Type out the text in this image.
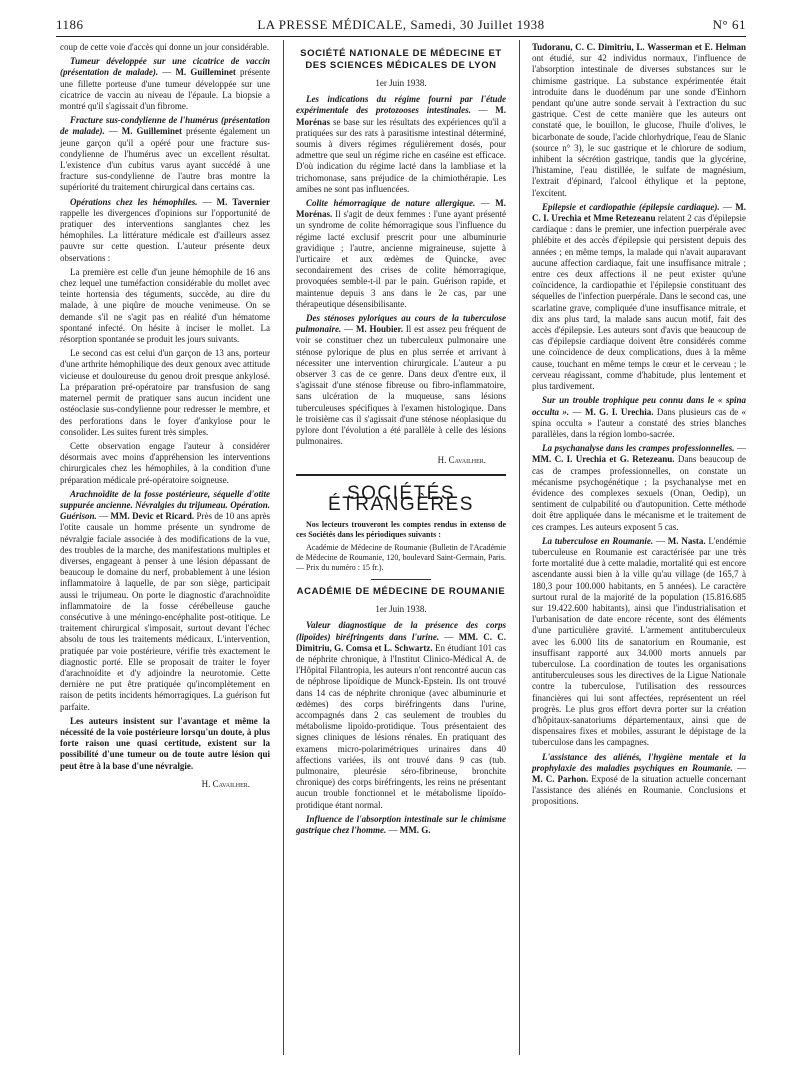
1186	LA PRESSE MÉDICALE, Samedi, 30 Juillet 1938	N° 61

coup de cette voie d'accès qui donne un jour considérable.

Tumeur développée sur une cicatrice de vaccin (présentation de malade). — M. Guilleminet présente une fillette porteuse d'une tumeur développée sur une cicatrice de vaccin au niveau de l'épaule. La biopsie a montré qu'il s'agissait d'un fibrome.

Fracture sus-condylienne de l'humérus (présentation de malade). — M. Guilleminet présente également un jeune garçon qu'il a opéré pour une fracture sus-condylienne de l'humérus avec un excellent résultat. L'existence d'un cubitus varus ayant succédé à une fracture sus-condylienne de l'autre bras montre la supériorité du traitement chirurgical dans certains cas.

Opérations chez les hémophiles. — M. Tavernier rappelle les divergences d'opinions sur l'opportunité de pratiquer des interventions sanglantes chez les hémophiles. La littérature médicale est d'ailleurs assez pauvre sur cette question. L'auteur présente deux observations :

La première est celle d'un jeune hémophile de 16 ans chez lequel une tuméfaction considérable du mollet avec teinte hortensia des téguments, succède, au dire du malade, à une piqûre de mouche venimeuse. On se demande s'il ne s'agit pas en réalité d'un hématome spontané infecté. On hésite à inciser le mollet. La résorption spontanée se produit les jours suivants.

Le second cas est celui d'un garçon de 13 ans, porteur d'une arthrite hémophilique des deux genoux avec attitude vicieuse et douloureuse du genou droit presque ankylosé. La préparation pré-opératoire par transfusion de sang maternel permit de pratiquer sans aucun incident une ostéoclasie sus-condylienne pour redresser le membre, et des perforations dans le foyer d'ankylose pour le consolider. Les suites furent très simples.

Cette observation engage l'auteur à considérer désormais avec moins d'appréhension les interventions chirurgicales chez les hémophiles, à la condition d'une préparation médicale pré-opératoire soigneuse.

Arachnoïdite de la fosse postérieure, séquelle d'otite suppurée ancienne. Névralgies du trijumeau. Opération. Guérison. — MM. Devic et Ricard. Près de 10 ans après l'otite causale un homme présente un syndrome de névralgie faciale associée à des modifications de la vue, des troubles de la marche, des manifestations multiples et diverses, engageant à penser à une lésion dépassant de beaucoup le domaine du nerf, probablement à une lésion inflammatoire à laquelle, de par son siège, participait aussi le trijumeau. On porte le diagnostic d'arachnoïdite inflammatoire de la fosse cérébelleuse gauche consécutive à une méningo-encéphalite post-otitique. Le traitement chirurgical s'imposait, surtout devant l'échec absolu de tous les traitements médicaux. L'intervention, pratiquée par voie postérieure, vérifie très exactement le diagnostic porté. Elle se proposait de traiter le foyer d'arachnoïdite et d'y adjoindre la neurotomie. Cette dernière ne put être pratiquée qu'incomplètement en raison de petits incidents hémorragiques. La guérison fut parfaite.

Les auteurs insistent sur l'avantage et même la nécessité de la voie postérieure lorsqu'un doute, à plus forte raison une quasi certitude, existent sur la possibilité d'une tumeur ou de toute autre lésion qui peut être à la base d'une névralgie.

H. Cavailher.
SOCIÉTÉ NATIONALE DE MÉDECINE ET DES SCIENCES MÉDICALES DE LYON
1er Juin 1938.

Les indications du régime fourni par l'étude expérimentale des protozooses intestinales. — M. Morénas se base sur les résultats des expériences qu'il a pratiquées sur des rats à parasitisme intestinal déterminé, soumis à divers régimes régulièrement dosés, pour admettre que seul un régime riche en caséine est efficace. D'où indication du régime lacté dans la lambliase et la trichomonase, sans préjudice de la chimiothérapie. Les amibes ne sont pas influencées.

Colite hémorragique de nature allergique. — M. Morénas. Il s'agit de deux femmes : l'une ayant présenté un syndrome de colite hémorragique sous l'influence du régime lacté exclusif prescrit pour une albuminurie gravidique ; l'autre, ancienne migraineuse, sujette à l'urticaire et aux œdèmes de Quincke, avec secondairement des crises de colite hémorragique, provoquées semble-t-il par le pain. Guérison rapide, et maintenue depuis 3 ans dans le 2e cas, par une thérapeutique désensibilisante.

Des sténoses pyloriques au cours de la tuberculose pulmonaire. — M. Houbier. Il est assez peu fréquent de voir se constituer chez un tuberculeux pulmonaire une sténose pylorique de plus en plus serrée et arrivant à nécessiter une intervention chirurgicale. L'auteur a pu observer 3 cas de ce genre. Dans deux d'entre eux, il s'agissait d'une sténose fibreuse ou fibro-inflammatoire, sans ulcération de la muqueuse, sans lésions tuberculeuses spécifiques à l'examen histologique. Dans le troisième cas il s'agissait d'une sténose néoplasique du pylore dont l'évolution a été parallèle à celle des lésions pulmonaires.

H. Cavailher.
SOCIÉTÉS ÉTRANGÈRES

Nos lecteurs trouveront les comptes rendus in extenso de ces Sociétés dans les périodiques suivants :

Académie de Médecine de Roumanie (Bulletin de l'Académie de Médecine de Roumanie, 120, boulevard Saint-Germain, Paris. — Prix du numéro : 15 fr.).

ACADÉMIE DE MÉDECINE DE ROUMANIE
1er Juin 1938.

Valeur diagnostique de la présence des corps (lipoïdes) biréfringents dans l'urine. — MM. C. C. Dimitriu, G. Comsa et L. Schwartz. En étudiant 101 cas de néphrite chronique, à l'Institut Clinico-Médical A. de l'Hôpital Filantropia, les auteurs n'ont rencontré aucun cas de néphrose lipoïdique de Munck-Epstein. Ils ont trouvé dans 14 cas de néphrite chronique (avec albuminurie et œdèmes) des corps biréfringents dans l'urine, accompagnés dans 2 cas seulement de troubles du métabolisme lipoïdo-protidique. Tous présentaient des signes cliniques de lésions rénales. En pratiquant des examens micro-polarimétriques urinaires dans 40 affections variées, ils ont trouvé dans 9 cas (tub. pulmonaire, pleurésie séro-fibrineuse, bronchite chronique) des corps biréfringents, les reins ne présentant aucun trouble fonctionnel et le métabolisme lipoïdo-protidique étant normal.

Influence de l'absorption intestinale sur le chimisme gastrique chez l'homme. — MM. G.

Tudoranu, C. C. Dimitriu, L. Wasserman et E. Helman ont étudié, sur 42 individus normaux, l'influence de l'absorption intestinale de diverses substances sur le chimisme gastrique. La substance expérimentée était introduite dans le duodénum par une sonde d'Einhorn pendant qu'une autre sonde servait à l'extraction du suc gastrique. C'est de cette manière que les auteurs ont constaté que, le bouillon, le glucose, l'huile d'olives, le bicarbonate de soude, l'acide chlorhydrique, l'eau de Slanic (source n° 3), le suc gastrique et le chlorure de sodium, inhibent la sécrétion gastrique, tandis que la glycérine, l'histamine, l'eau distillée, le sulfate de magnésium, l'extrait d'épinard, l'alcool éthylique et la peptone, l'excitent.

Epilepsie et cardiopathie (épilepsie cardiaque). — M. C. I. Urechia et Mme Retezeanu relatent 2 cas d'épilepsie cardiaque : dans le premier, une infection puerpérale avec phlébite et des accès d'épilepsie qui persistent depuis des années ; en même temps, la malade qui n'avait auparavant aucune affection cardiaque, fait une insuffisance mitrale ; entre ces deux affections il ne peut exister qu'une coïncidence, la cardiopathie et l'épilepsie constituant des séquelles de l'infection puerpérale. Dans le second cas, une scarlatine grave, compliquée d'une insuffisance mitrale, et dix ans plus tard, la malade sans aucun motif, fait des accès d'épilepsie. Les auteurs sont d'avis que beaucoup de cas d'épilepsie cardiaque doivent être considérés comme une coïncidence de deux complications, dues à la même cause, touchant en même temps le cœur et le cerveau ; le cerveau réagissant, comme d'habitude, plus lentement et plus tardivement.

Sur un trouble trophique peu connu dans le « spina occulta ». — M. G. I. Urechia. Dans plusieurs cas de « spina occulta » l'auteur a constaté des stries blanches parallèles, dans la région lombo-sacrée.

La psychanalyse dans les crampes professionnelles. — MM. C. I. Urechia et G. Retezeanu. Dans beaucoup de cas de crampes professionnelles, on constate un mécanisme psychogénétique ; la psychanalyse met en évidence des complexes sexuels (Onan, Oedip), un sentiment de culpabilité ou d'autopunition. Cette méthode doit être appliquée dans le mécanisme et le traitement de ces crampes. Les auteurs exposent 5 cas.

La tuberculose en Roumanie. — M. Nasta. L'endémie tuberculeuse en Roumanie est caractérisée par une très forte mortalité due à cette maladie, mortalité qui est encore ascendante aussi bien à la ville qu'au village (de 165,7 à 180,3 pour 100.000 habitants, en 5 années). Le caractère surtout rural de la majorité de la population (15.816.685 sur 19.422.600 habitants), ainsi que l'industrialisation et l'urbanisation de date encore récente, sont des éléments d'une particulière gravité. L'armement antituberculeux avec les 6.000 lits de sanatorium en Roumanie, est insuffisant rapporté aux 34.000 morts annuels par tuberculose. La coordination de toutes les organisations antituberculeuses sous les directives de la Ligue Nationale contre la tuberculose, l'utilisation des ressources financières qui lui sont affectées, représentent un réel progrès. Le plus gros effort devra porter sur la création d'hôpitaux-sanatoriums départementaux, ainsi que de dispensaires fixes et mobiles, assurant le dépistage de la tuberculose dans les campagnes.

L'assistance des aliénés, l'hygiène mentale et la prophylaxie des maladies psychiques en Roumanie. — M. C. Parhon. Exposé de la situation actuelle concernant l'assistance des aliénés en Roumanie. Conclusions et propositions.
